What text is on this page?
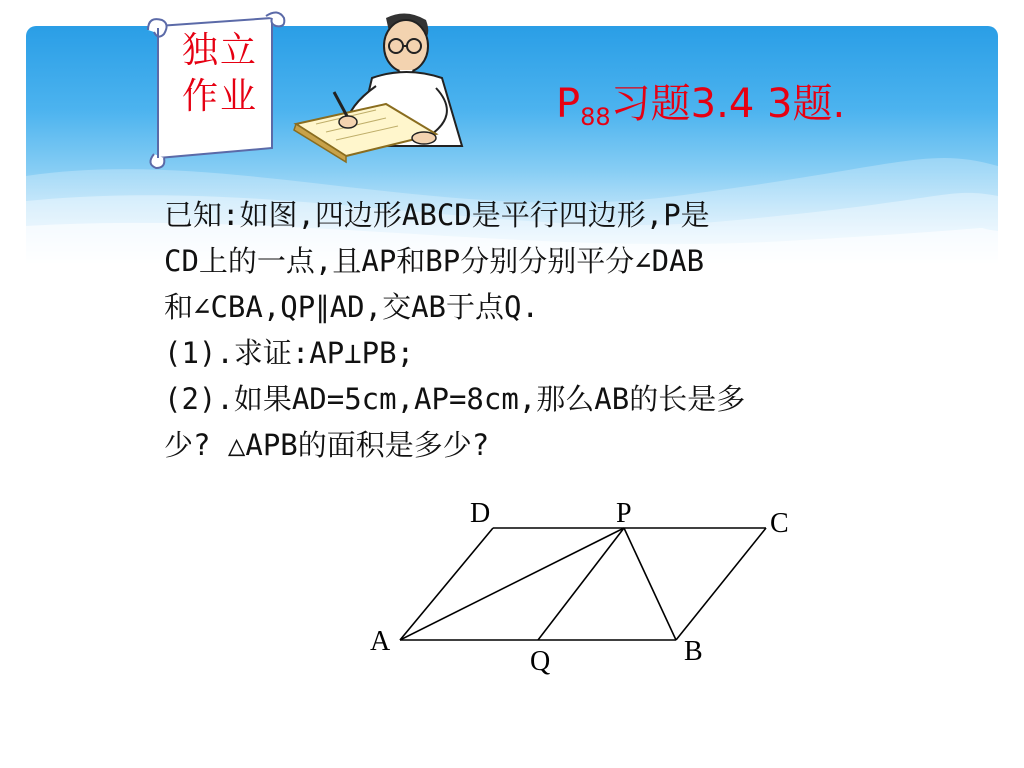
独立
作业	$P_{88}$习题3.4 3题.
已知:如图,四边形ABCD是平行四边形,P是
CD上的一点,且AP和BP分别分别平分∠DAB
和∠CBA,QP∥AD,交AB于点Q.
(1).求证:AP⊥PB;
(2).如果AD=5cm,AP=8cm,那么AB的长是多
少? △APB的面积是多少?
D	P	C
A	B
Q
